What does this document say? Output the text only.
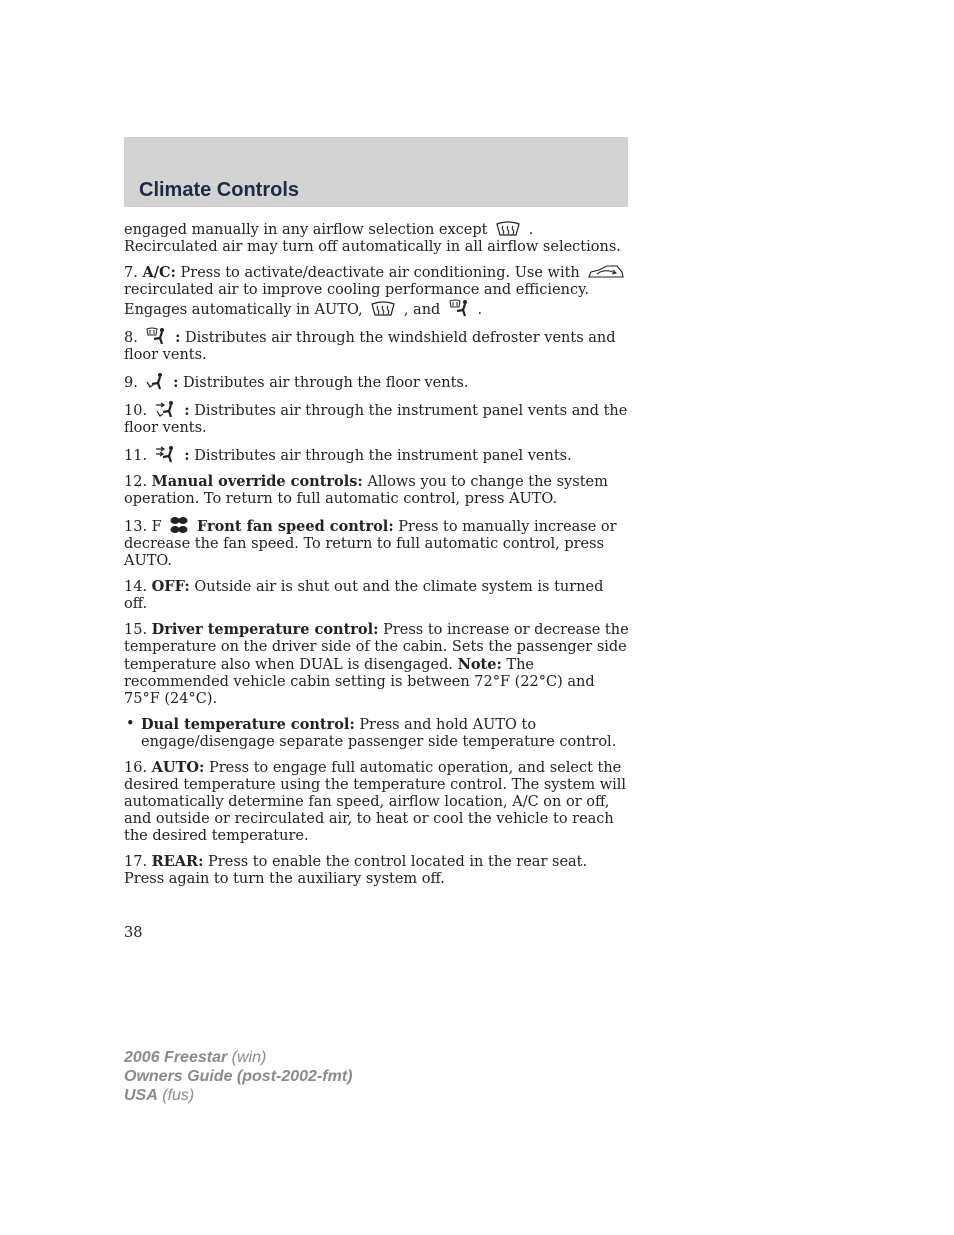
Climate Controls

engaged manually in any airflow selection except	. Recirculated air may turn off automatically in all airflow selections.

7. A/C: Press to activate/deactivate air conditioning. Use with  recirculated air to improve cooling performance and efficiency. Engages automatically in AUTO,	, and	.

8.	: Distributes air through the windshield defroster vents and floor vents.

9. : Distributes air through the floor vents.

10.	: Distributes air through the instrument panel vents and the floor vents.

11.	: Distributes air through the instrument panel vents.

12. Manual override controls: Allows you to change the system operation. To return to full automatic control, press AUTO.

13. F Front fan speed control: Press to manually increase or decrease the fan speed. To return to full automatic control, press AUTO.

14. OFF: Outside air is shut out and the climate system is turned off.

15. Driver temperature control: Press to increase or decrease the temperature on the driver side of the cabin. Sets the passenger side temperature also when DUAL is disengaged. Note: The recommended vehicle cabin setting is between 72°F (22°C) and 75°F (24°C).

• Dual temperature control: Press and hold AUTO to engage/disengage separate passenger side temperature control.

16. AUTO: Press to engage full automatic operation, and select the desired temperature using the temperature control. The system will automatically determine fan speed, airflow location, A/C on or off, and outside or recirculated air, to heat or cool the vehicle to reach the desired temperature.

17. REAR: Press to enable the control located in the rear seat. Press again to turn the auxiliary system off.

38
2006 Freestar (win)
Owners Guide (post-2002-fmt)
USA (fus)
